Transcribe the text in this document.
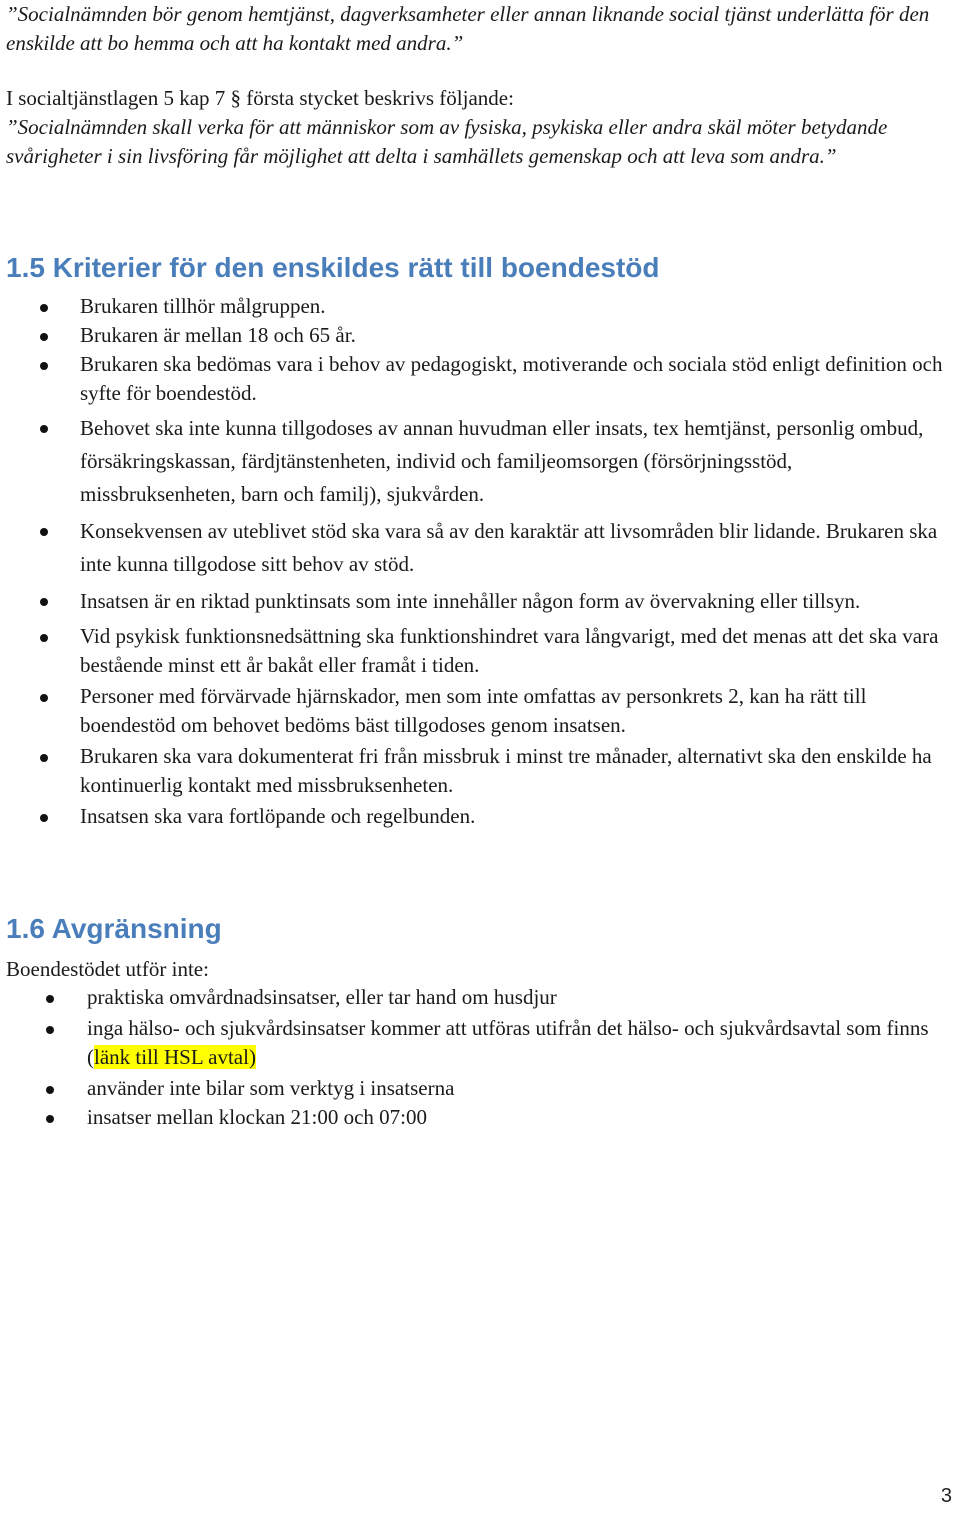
”Socialnämnden bör genom hemtjänst, dagverksamheter eller annan liknande social tjänst underlätta för den enskilde att bo hemma och att ha kontakt med andra.”
I socialtjänstlagen 5 kap 7 § första stycket beskrivs följande:
”Socialnämnden skall verka för att människor som av fysiska, psykiska eller andra skäl möter betydande svårigheter i sin livsföring får möjlighet att delta i samhällets gemenskap och att leva som andra.”
1.5 Kriterier för den enskildes rätt till boendestöd
Brukaren tillhör målgruppen.
Brukaren är mellan 18 och 65 år.
Brukaren ska bedömas vara i behov av pedagogiskt, motiverande och sociala stöd enligt definition och syfte för boendestöd.
Behovet ska inte kunna tillgodoses av annan huvudman eller insats, tex hemtjänst, personlig ombud, försäkringskassan, färdjtänstenheten, individ och familjeomsorgen (försörjningsstöd, missbruksenheten, barn och familj), sjukvården.
Konsekvensen av uteblivet stöd ska vara så av den karaktär att livsområden blir lidande. Brukaren ska inte kunna tillgodose sitt behov av stöd.
Insatsen är en riktad punktinsats som inte innehåller någon form av övervakning eller tillsyn.
Vid psykisk funktionsnedsättning ska funktionshindret vara långvarigt, med det menas att det ska vara bestående minst ett år bakåt eller framåt i tiden.
Personer med förvärvade hjärnskador, men som inte omfattas av personkrets 2, kan ha rätt till boendestöd om behovet bedöms bäst tillgodoses genom insatsen.
Brukaren ska vara dokumenterat fri från missbruk i minst tre månader, alternativt ska den enskilde ha kontinuerlig kontakt med missbruksenheten.
Insatsen ska vara fortlöpande och regelbunden.
1.6 Avgränsning
Boendestödet utför inte:
praktiska omvårdnadsinsatser, eller tar hand om husdjur
inga hälso- och sjukvårdsinsatser kommer att utföras utifrån det hälso- och sjukvårdsavtal som finns (länk till HSL avtal)
använder inte bilar som verktyg i insatserna
insatser mellan klockan 21:00 och 07:00
3
